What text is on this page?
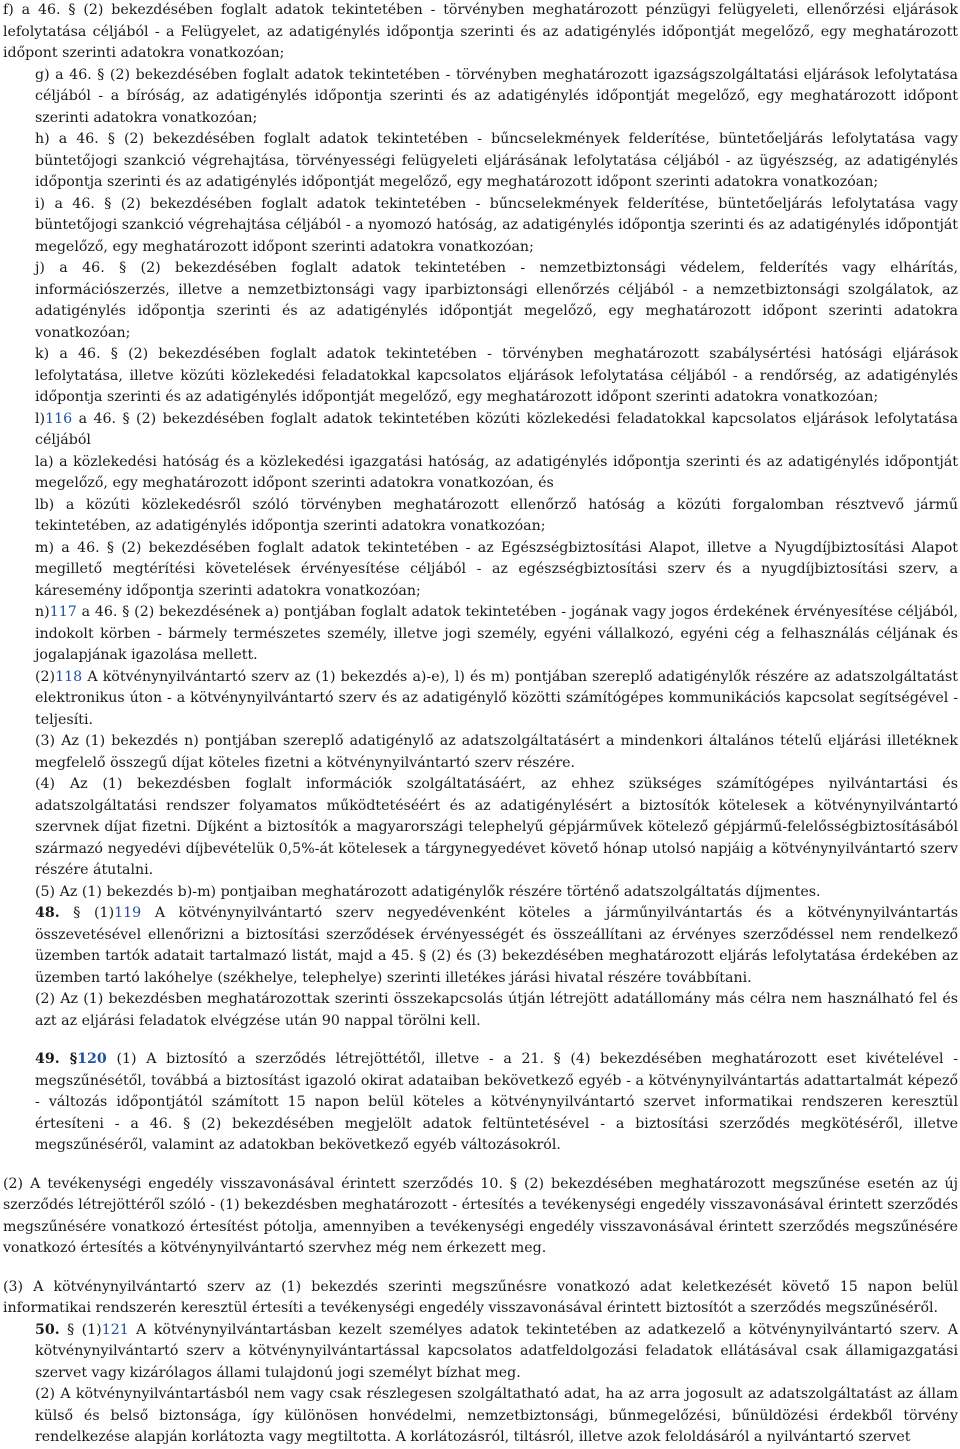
f) a 46. § (2) bekezdésében foglalt adatok tekintetében - törvényben meghatározott pénzügyi felügyeleti, ellenőrzési eljárások lefolytatása céljából - a Felügyelet, az adatigénylés időpontja szerinti és az adatigénylés időpontját megelőző, egy meghatározott időpont szerinti adatokra vonatkozóan;

g) a 46. § (2) bekezdésében foglalt adatok tekintetében - törvényben meghatározott igazságszolgáltatási eljárások lefolytatása céljából - a bíróság, az adatigénylés időpontja szerinti és az adatigénylés időpontját megelőző, egy meghatározott időpont szerinti adatokra vonatkozóan;

h) a 46. § (2) bekezdésében foglalt adatok tekintetében - bűncselekmények felderítése, büntetőeljárás lefolytatása vagy büntetőjogi szankció végrehajtása, törvényességi felügyeleti eljárásának lefolytatása céljából - az ügyészség, az adatigénylés időpontja szerinti és az adatigénylés időpontját megelőző, egy meghatározott időpont szerinti adatokra vonatkozóan;

i) a 46. § (2) bekezdésében foglalt adatok tekintetében - bűncselekmények felderítése, büntetőeljárás lefolytatása vagy büntetőjogi szankció végrehajtása céljából - a nyomozó hatóság, az adatigénylés időpontja szerinti és az adatigénylés időpontját megelőző, egy meghatározott időpont szerinti adatokra vonatkozóan;

j) a 46. § (2) bekezdésében foglalt adatok tekintetében - nemzetbiztonsági védelem, felderítés vagy elhárítás, információszerzés, illetve a nemzetbiztonsági vagy iparbiztonsági ellenőrzés céljából - a nemzetbiztonsági szolgálatok, az adatigénylés időpontja szerinti és az adatigénylés időpontját megelőző, egy meghatározott időpont szerinti adatokra vonatkozóan;

k) a 46. § (2) bekezdésében foglalt adatok tekintetében - törvényben meghatározott szabálysértési hatósági eljárások lefolytatása, illetve közúti közlekedési feladatokkal kapcsolatos eljárások lefolytatása céljából - a rendőrség, az adatigénylés időpontja szerinti és az adatigénylés időpontját megelőző, egy meghatározott időpont szerinti adatokra vonatkozóan;

l)116 a 46. § (2) bekezdésében foglalt adatok tekintetében közúti közlekedési feladatokkal kapcsolatos eljárások lefolytatása céljából

la) a közlekedési hatóság és a közlekedési igazgatási hatóság, az adatigénylés időpontja szerinti és az adatigénylés időpontját megelőző, egy meghatározott időpont szerinti adatokra vonatkozóan, és

lb) a közúti közlekedésről szóló törvényben meghatározott ellenőrző hatóság a közúti forgalomban résztvevő jármű tekintetében, az adatigénylés időpontja szerinti adatokra vonatkozóan;

m) a 46. § (2) bekezdésében foglalt adatok tekintetében - az Egészségbiztosítási Alapot, illetve a Nyugdíjbiztosítási Alapot megillető megtérítési követelések érvényesítése céljából - az egészségbiztosítási szerv és a nyugdíjbiztosítási szerv, a káresemény időpontja szerinti adatokra vonatkozóan;

n)117 a 46. § (2) bekezdésének a) pontjában foglalt adatok tekintetében - jogának vagy jogos érdekének érvényesítése céljából, indokolt körben - bármely természetes személy, illetve jogi személy, egyéni vállalkozó, egyéni cég a felhasználás céljának és jogalapjának igazolása mellett.

(2)118 A kötvénynyilvántartó szerv az (1) bekezdés a)-e), l) és m) pontjában szereplő adatigénylők részére az adatszolgáltatást elektronikus úton - a kötvénynyilvántartó szerv és az adatigénylő közötti számítógépes kommunikációs kapcsolat segítségével - teljesíti.

(3) Az (1) bekezdés n) pontjában szereplő adatigénylő az adatszolgáltatásért a mindenkori általános tételű eljárási illetéknek megfelelő összegű díjat köteles fizetni a kötvénynyilvántartó szerv részére.

(4) Az (1) bekezdésben foglalt információk szolgáltatásáért, az ehhez szükséges számítógépes nyilvántartási és adatszolgáltatási rendszer folyamatos működtetéséért és az adatigénylésért a biztosítók kötelesek a kötvénynyilvántartó szervnek díjat fizetni. Díjként a biztosítók a magyarországi telephelyű gépjárművek kötelező gépjármű-felelősségbiztosításából származó negyedévi díjbevételük 0,5%-át kötelesek a tárgynegyedévet követő hónap utolsó napjáig a kötvénynyilvántartó szerv részére átutalni.

(5) Az (1) bekezdés b)-m) pontjaiban meghatározott adatigénylők részére történő adatszolgáltatás díjmentes.

48. § (1)119 A kötvénynyilvántartó szerv negyedévenként köteles a járműnyilvántartás és a kötvénynyilvántartás összevetésével ellenőrizni a biztosítási szerződések érvényességét és összeállítani az érvényes szerződéssel nem rendelkező üzemben tartók adatait tartalmazó listát, majd a 45. § (2) és (3) bekezdésében meghatározott eljárás lefolytatása érdekében az üzemben tartó lakóhelye (székhelye, telephelye) szerinti illetékes járási hivatal részére továbbítani.

(2) Az (1) bekezdésben meghatározottak szerinti összekapcsolás útján létrejött adatállomány más célra nem használható fel és azt az eljárási feladatok elvégzése után 90 nappal törölni kell.

49. §120 (1) A biztosító a szerződés létrejöttétől, illetve - a 21. § (4) bekezdésében meghatározott eset kivételével - megszűnésétől, továbbá a biztosítást igazoló okirat adataiban bekövetkező egyéb - a kötvénynyilvántartás adattartalmát képező - változás időpontjától számított 15 napon belül köteles a kötvénynyilvántartó szervet informatikai rendszeren keresztül értesíteni - a 46. § (2) bekezdésében megjelölt adatok feltüntetésével - a biztosítási szerződés megkötéséről, illetve megszűnéséről, valamint az adatokban bekövetkező egyéb változásokról.

(2) A tevékenységi engedély visszavonásával érintett szerződés 10. § (2) bekezdésében meghatározott megszűnése esetén az új szerződés létrejöttéről szóló - (1) bekezdésben meghatározott - értesítés a tevékenységi engedély visszavonásával érintett szerződés megszűnésére vonatkozó értesítést pótolja, amennyiben a tevékenységi engedély visszavonásával érintett szerződés megszűnésére vonatkozó értesítés a kötvénynyilvántartó szervhez még nem érkezett meg.

(3) A kötvénynyilvántartó szerv az (1) bekezdés szerinti megszűnésre vonatkozó adat keletkezését követő 15 napon belül informatikai rendszerén keresztül értesíti a tevékenységi engedély visszavonásával érintett biztosítót a szerződés megszűnéséről.

50. § (1)121 A kötvénynyilvántartásban kezelt személyes adatok tekintetében az adatkezelő a kötvénynyilvántartó szerv. A kötvénynyilvántartó szerv a kötvénynyilvántartással kapcsolatos adatfeldolgozási feladatok ellátásával csak államigazgatási szervet vagy kizárólagos állami tulajdonú jogi személyt bízhat meg.

(2) A kötvénynyilvántartásból nem vagy csak részlegesen szolgáltatható adat, ha az arra jogosult az adatszolgáltatást az állam külső és belső biztonsága, így különösen honvédelmi, nemzetbiztonsági, bűnmegelőzési, bűnüldözési érdekből törvény rendelkezése alapján korlátozta vagy megtiltotta. A korlátozásról, tiltásról, illetve azok feloldásáról a nyilvántartó szervet
